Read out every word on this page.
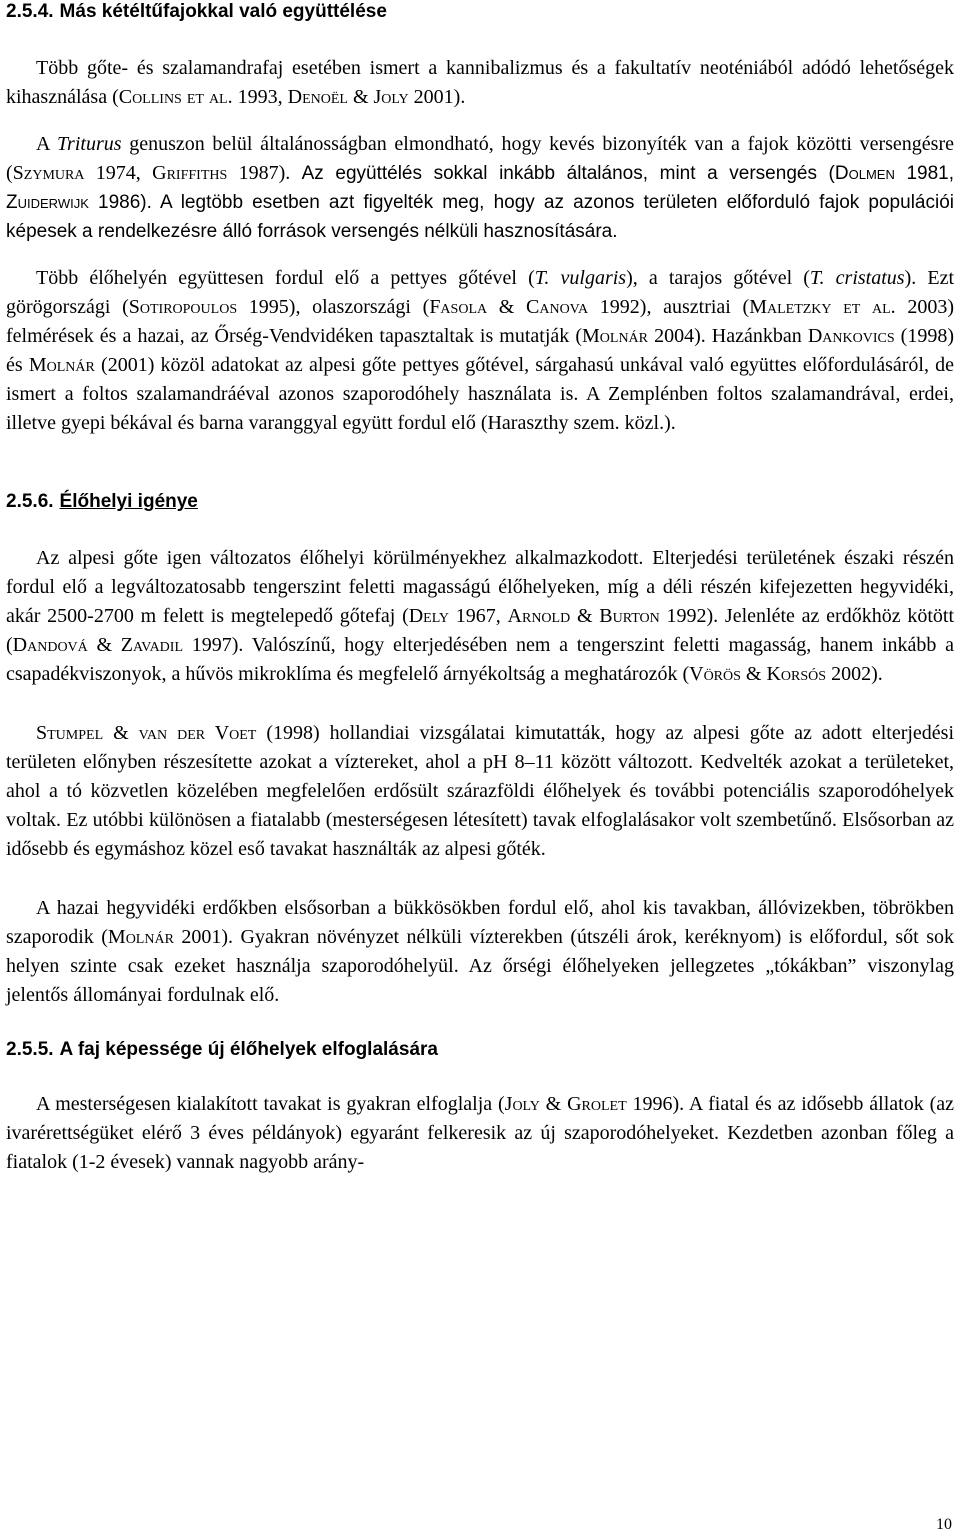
2.5.4. Más kétéltűfajokkal való együttélése

Több gőte- és szalamandrafaj esetében ismert a kannibalizmus és a fakultatív neoténiából adódó lehetőségek kihasználása (Collins et al. 1993, Denoël & Joly 2001).

A Triturus genuszon belül általánosságban elmondható, hogy kevés bizonyíték van a fajok közötti versengésre (Szymura 1974, Griffiths 1987). Az együttélés sokkal inkább általános, mint a versengés (Dolmen 1981, Zuiderwijk 1986). A legtöbb esetben azt figyelték meg, hogy az azonos területen előforduló fajok populációi képesek a rendelkezésre álló források versengés nélküli hasznosítására.

Több élőhelyén együttesen fordul elő a pettyes gőtével (T. vulgaris), a tarajos gőtével (T. cristatus). Ezt görögországi (Sotiropoulos 1995), olaszországi (Fasola & Canova 1992), ausztriai (Maletzky et al. 2003) felmérések és a hazai, az Őrség-Vendvidéken tapasztaltak is mutatják (Molnár 2004). Hazánkban Dankovics (1998) és Molnár (2001) közöl adatokat az alpesi gőte pettyes gőtével, sárgahasú unkával való együttes előfordulásáról, de ismert a foltos szalamandráéval azonos szaporodóhely használata is. A Zemplénben foltos szalamandrával, erdei, illetve gyepi békával és barna varanggyal együtt fordul elő (Haraszthy szem. közl.).

2.5.6. Élőhelyi igénye

Az alpesi gőte igen változatos élőhelyi körülményekhez alkalmazkodott. Elterjedési területének északi részén fordul elő a legváltozatosabb tengerszint feletti magasságú élőhelyeken, míg a déli részén kifejezetten hegyvidéki, akár 2500-2700 m felett is megtelepedő gőtefaj (Dely 1967, Arnold & Burton 1992). Jelenléte az erdőkhöz kötött (Dandová & Zavadil 1997). Valószínű, hogy elterjedésében nem a tengerszint feletti magasság, hanem inkább a csapadékviszonyok, a hűvös mikroklíma és megfelelő árnyékoltság a meghatározók (Vörös & Korsós 2002).

Stumpel & van der Voet (1998) hollandiai vizsgálatai kimutatták, hogy az alpesi gőte az adott elterjedési területen előnyben részesítette azokat a víztereket, ahol a pH 8–11 között változott. Kedvelték azokat a területeket, ahol a tó közvetlen közelében megfelelően erdősült szárazföldi élőhelyek és további potenciális szaporodóhelyek voltak. Ez utóbbi különösen a fiatalabb (mesterségesen létesített) tavak elfoglalásakor volt szembetűnő. Elsősorban az idősebb és egymáshoz közel eső tavakat használták az alpesi gőték.

A hazai hegyvidéki erdőkben elsősorban a bükkösökben fordul elő, ahol kis tavakban, állóvizekben, töbrökben szaporodik (Molnár 2001). Gyakran növényzet nélküli vízterekben (útszéli árok, keréknyom) is előfordul, sőt sok helyen szinte csak ezeket használja szaporodóhelyül. Az őrségi élőhelyeken jellegzetes „tókákban” viszonylag jelentős állományai fordulnak elő.

2.5.5. A faj képessége új élőhelyek elfoglalására

A mesterségesen kialakított tavakat is gyakran elfoglalja (Joly & Grolet 1996). A fiatal és az idősebb állatok (az ivarérettségüket elérő 3 éves példányok) egyaránt felkeresik az új szaporodóhelyeket. Kezdetben azonban főleg a fiatalok (1-2 évesek) vannak nagyobb arány-

10
